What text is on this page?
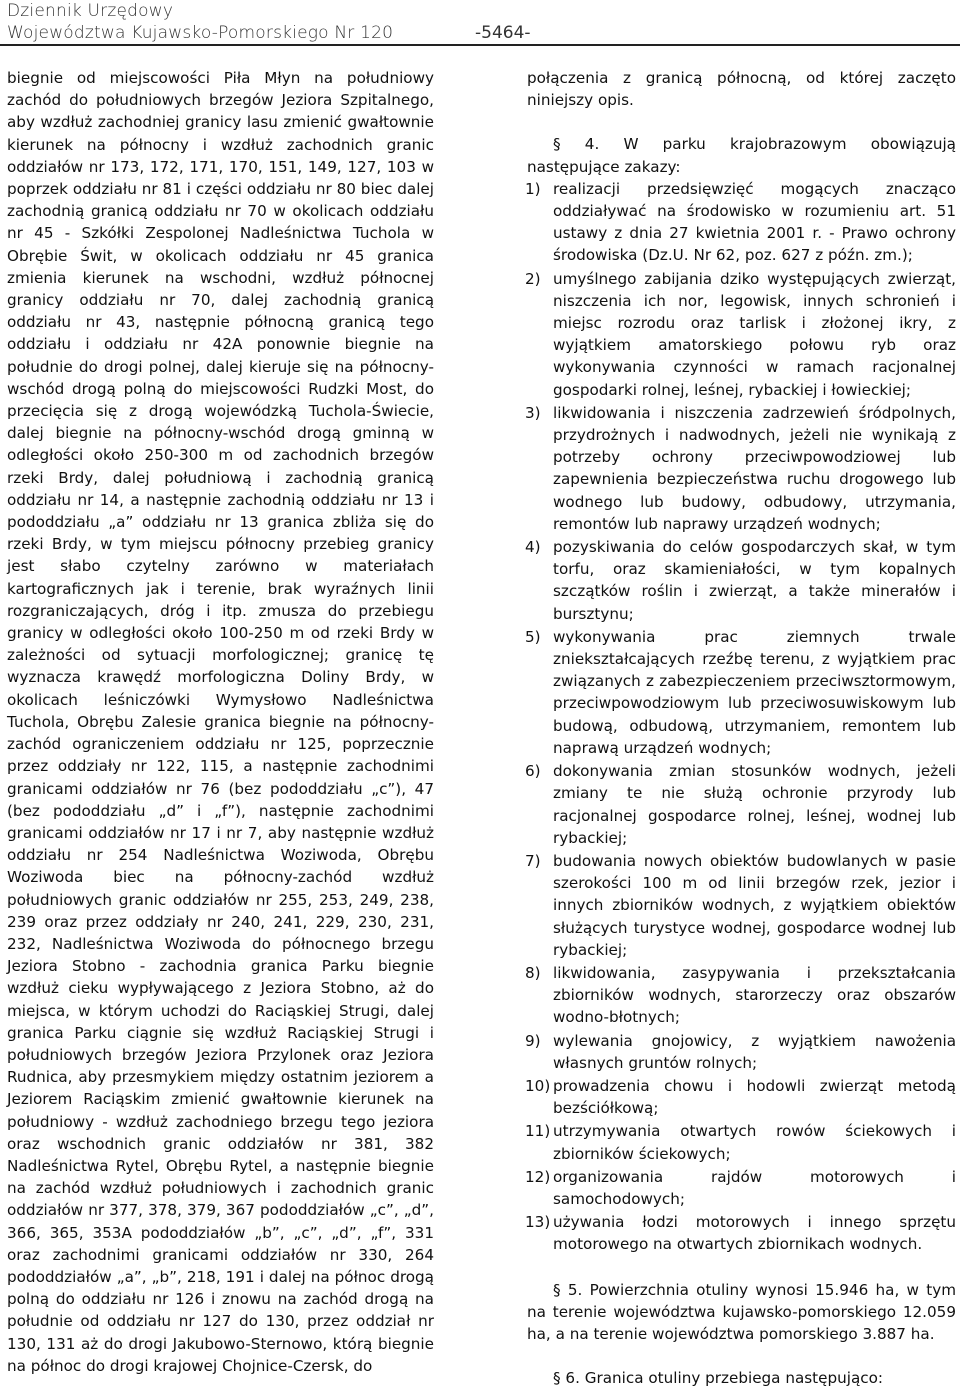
Dziennik Urzędowy
Województwa Kujawsko-Pomorskiego Nr 120	-5464-

biegnie od miejscowości Piła Młyn na południowy zachód do południowych brzegów Jeziora Szpitalnego, aby wzdłuż zachodniej granicy lasu zmienić gwałtownie kierunek na północny i wzdłuż zachodnich granic oddziałów nr 173, 172, 171, 170, 151, 149, 127, 103 w poprzek oddziału nr 81 i części oddziału nr 80 biec dalej zachodnią granicą oddziału nr 70 w okolicach oddziału nr 45 - Szkółki Zespolonej Nadleśnictwa Tuchola w Obrębie Świt, w okolicach oddziału nr 45 granica zmienia kierunek na wschodni, wzdłuż północnej granicy oddziału nr 70, dalej zachodnią granicą oddziału nr 43, następnie północną granicą tego oddziału i oddziału nr 42A ponownie biegnie na południe do drogi polnej, dalej kieruje się na północny-wschód drogą polną do miejscowości Rudzki Most, do przecięcia się z drogą wojewódzką Tuchola-Świecie, dalej biegnie na północny-wschód drogą gminną w odległości około 250-300 m od zachodnich brzegów rzeki Brdy, dalej południową i zachodnią granicą oddziału nr 14, a następnie zachodnią oddziału nr 13 i pododdziału „a” oddziału nr 13 granica zbliża się do rzeki Brdy, w tym miejscu północny przebieg granicy jest słabo czytelny zarówno w materiałach kartograficznych jak i terenie, brak wyraźnych linii rozgraniczających, dróg i itp. zmusza do przebiegu granicy w odległości około 100-250 m od rzeki Brdy w zależności od sytuacji morfologicznej; granicę tę wyznacza krawędź morfologiczna Doliny Brdy, w okolicach leśniczówki Wymysłowo Nadleśnictwa Tuchola, Obrębu Zalesie granica biegnie na północny-zachód ograniczeniem oddziału nr 125, poprzecznie przez oddziały nr 122, 115, a następnie zachodnimi granicami oddziałów nr 76 (bez pododdziału „c”), 47 (bez pododdziału „d” i „f”), następnie zachodnimi granicami oddziałów nr 17 i nr 7, aby następnie wzdłuż oddziału nr 254 Nadleśnictwa Woziwoda, Obrębu Woziwoda biec na północny-zachód wzdłuż południowych granic oddziałów nr 255, 253, 249, 238, 239 oraz przez oddziały nr 240, 241, 229, 230, 231, 232, Nadleśnictwa Woziwoda do północnego brzegu Jeziora Stobno - zachodnia granica Parku biegnie wzdłuż cieku wypływającego z Jeziora Stobno, aż do miejsca, w którym uchodzi do Raciąskiej Strugi, dalej granica Parku ciągnie się wzdłuż Raciąskiej Strugi i południowych brzegów Jeziora Przylonek oraz Jeziora Rudnica, aby przesmykiem między ostatnim jeziorem a Jeziorem Raciąskim zmienić gwałtownie kierunek na południowy - wzdłuż zachodniego brzegu tego jeziora oraz wschodnich granic oddziałów nr 381, 382 Nadleśnictwa Rytel, Obrębu Rytel, a następnie biegnie na zachód wzdłuż południowych i zachodnich granic oddziałów nr 377, 378, 379, 367 pododdziałów „c”, „d”, 366, 365, 353A pododdziałów „b”, „c”, „d”, „f”, 331 oraz zachodnimi granicami oddziałów nr 330, 264 pododdziałów „a”, „b”, 218, 191 i dalej na północ drogą polną do oddziału nr 126 i znowu na zachód drogą na południe od oddziału nr 127 do 130, przez oddział nr 130, 131 aż do drogi Jakubowo-Sternowo, którą biegnie na północ do drogi krajowej Chojnice-Czersk, do

połączenia z granicą północną, od której zaczęto niniejszy opis.

§ 4. W parku krajobrazowym obowiązują następujące zakazy:

1) realizacji przedsięwzięć mogących znacząco oddziaływać na środowisko w rozumieniu art. 51 ustawy z dnia 27 kwietnia 2001 r. - Prawo ochrony środowiska (Dz.U. Nr 62, poz. 627 z późn. zm.);
2) umyślnego zabijania dziko występujących zwierząt, niszczenia ich nor, legowisk, innych schronień i miejsc rozrodu oraz tarlisk i złożonej ikry, z wyjątkiem amatorskiego połowu ryb oraz wykonywania czynności w ramach racjonalnej gospodarki rolnej, leśnej, rybackiej i łowieckiej;
3) likwidowania i niszczenia zadrzewień śródpolnych, przydrożnych i nadwodnych, jeżeli nie wynikają z potrzeby ochrony przeciwpowodziowej lub zapewnienia bezpieczeństwa ruchu drogowego lub wodnego lub budowy, odbudowy, utrzymania, remontów lub naprawy urządzeń wodnych;
4) pozyskiwania do celów gospodarczych skał, w tym torfu, oraz skamieniałości, w tym kopalnych szczątków roślin i zwierząt, a także minerałów i bursztynu;
5) wykonywania prac ziemnych trwale zniekształcających rzeźbę terenu, z wyjątkiem prac związanych z zabezpieczeniem przeciwsztormowym, przeciwpowodziowym lub przeciwosuwiskowym lub budową, odbudową, utrzymaniem, remontem lub naprawą urządzeń wodnych;
6) dokonywania zmian stosunków wodnych, jeżeli zmiany te nie służą ochronie przyrody lub racjonalnej gospodarce rolnej, leśnej, wodnej lub rybackiej;
7) budowania nowych obiektów budowlanych w pasie szerokości 100 m od linii brzegów rzek, jezior i innych zbiorników wodnych, z wyjątkiem obiektów służących turystyce wodnej, gospodarce wodnej lub rybackiej;
8) likwidowania, zasypywania i przekształcania zbiorników wodnych, starorzeczy oraz obszarów wodno-błotnych;
9) wylewania gnojowicy, z wyjątkiem nawożenia własnych gruntów rolnych;
10) prowadzenia chowu i hodowli zwierząt metodą bezściółkową;
11) utrzymywania otwartych rowów ściekowych i zbiorników ściekowych;
12) organizowania rajdów motorowych i samochodowych;
13) używania łodzi motorowych i innego sprzętu motorowego na otwartych zbiornikach wodnych.

§ 5. Powierzchnia otuliny wynosi 15.946 ha, w tym na terenie województwa kujawsko-pomorskiego 12.059 ha, a na terenie województwa pomorskiego 3.887 ha.

§ 6. Granica otuliny przebiega następująco:
